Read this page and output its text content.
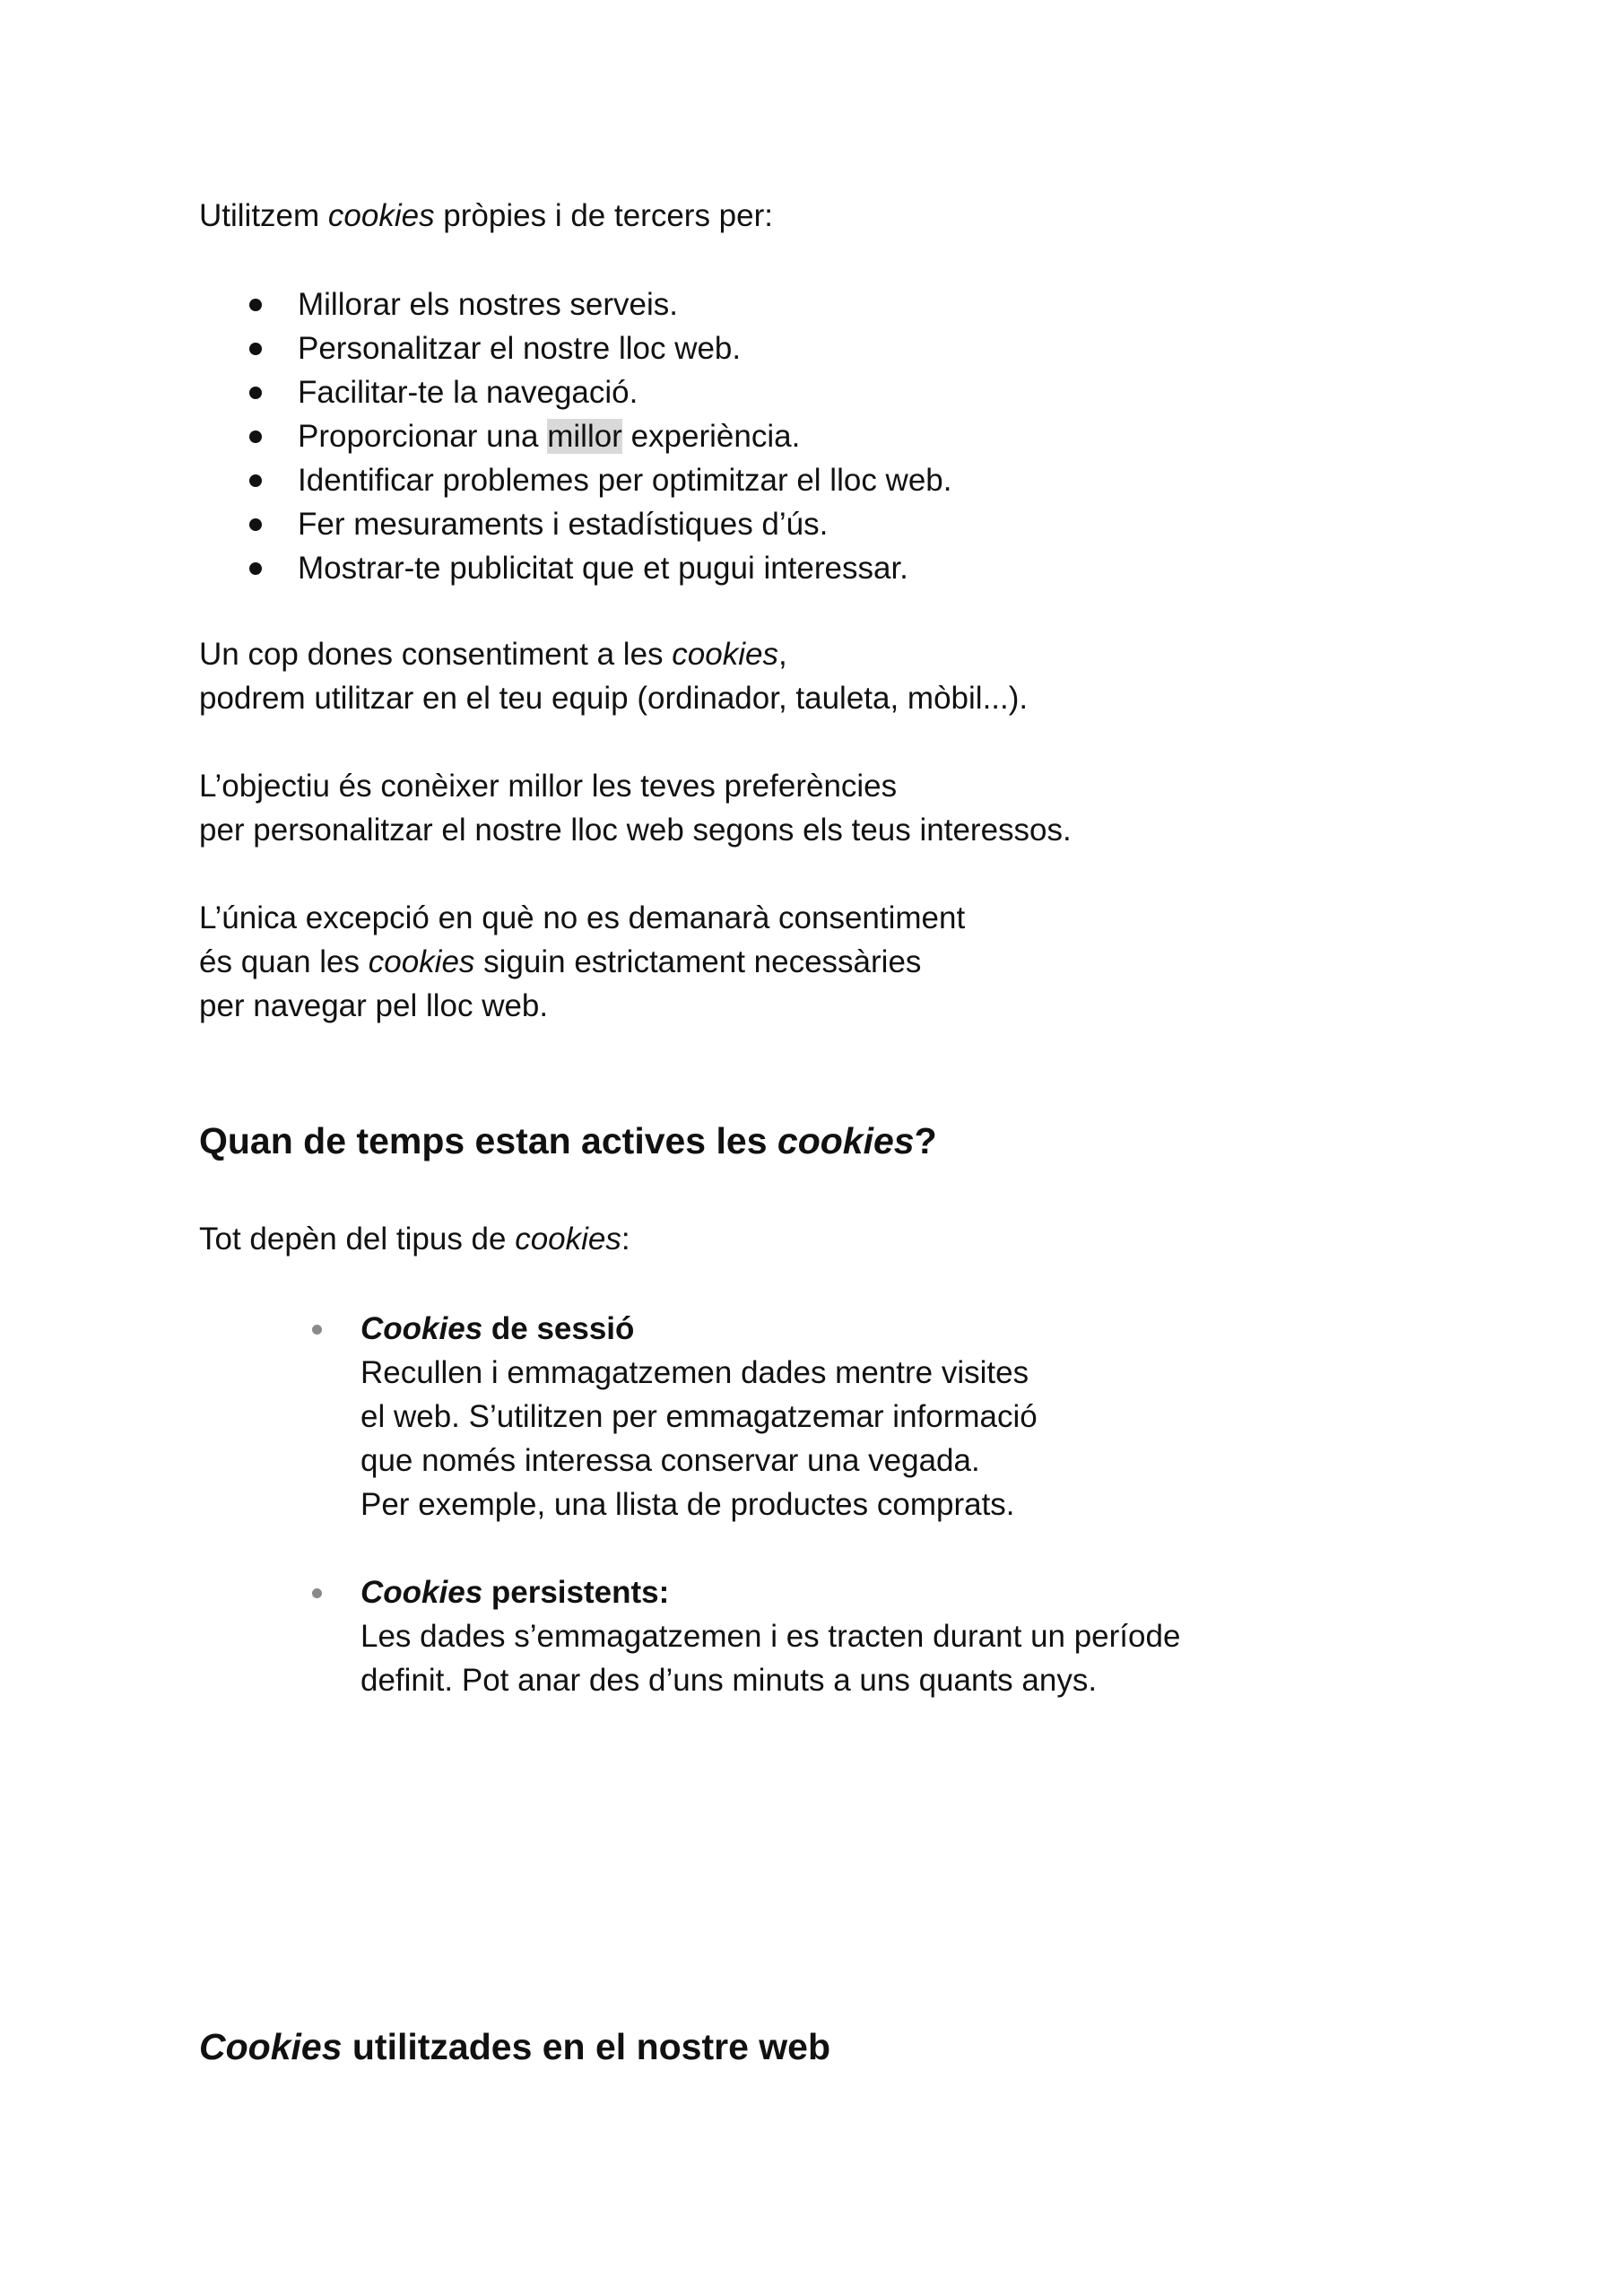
Utilitzem cookies pròpies i de tercers per:
Millorar els nostres serveis.
Personalitzar el nostre lloc web.
Facilitar-te la navegació.
Proporcionar una millor experiència.
Identificar problemes per optimitzar el lloc web.
Fer mesuraments i estadístiques d’ús.
Mostrar-te publicitat que et pugui interessar.
Un cop dones consentiment a les cookies,
podrem utilitzar en el teu equip (ordinador, tauleta, mòbil...).
L’objectiu és conèixer millor les teves preferències
per personalitzar el nostre lloc web segons els teus interessos.
L’única excepció en què no es demanarà consentiment
és quan les cookies siguin estrictament necessàries
per navegar pel lloc web.
Quan de temps estan actives les cookies?
Tot depèn del tipus de cookies:
Cookies de sessió
Recullen i emmagatzemen dades mentre visites
el web. S’utilitzen per emmagatzemar informació
que només interessa conservar una vegada.
Per exemple, una llista de productes comprats.
Cookies persistents:
Les dades s’emmagatzemen i es tracten durant un període
definit. Pot anar des d’uns minuts a uns quants anys.
Cookies utilitzades en el nostre web
